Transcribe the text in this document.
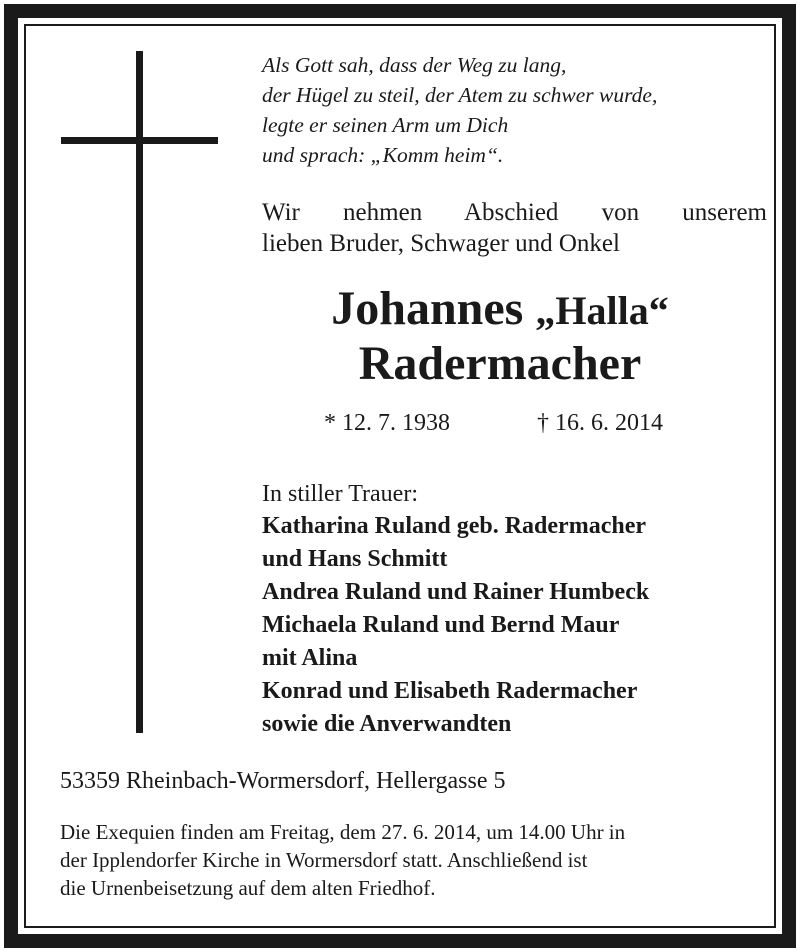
Als Gott sah, dass der Weg zu lang,
der Hügel zu steil, der Atem zu schwer wurde,
legte er seinen Arm um Dich
und sprach: „Komm heim“.
Wir nehmen Abschied von unserem
lieben Bruder, Schwager und Onkel
Johannes „Halla“
Radermacher
* 12. 7. 1938	† 16. 6. 2014
In stiller Trauer:
Katharina Ruland geb. Radermacher
und Hans Schmitt
Andrea Ruland und Rainer Humbeck
Michaela Ruland und Bernd Maur
mit Alina
Konrad und Elisabeth Radermacher
sowie die Anverwandten
53359 Rheinbach-Wormersdorf, Hellergasse 5
Die Exequien finden am Freitag, dem 27. 6. 2014, um 14.00 Uhr in
der Ipplendorfer Kirche in Wormersdorf statt. Anschließend ist
die Urnenbeisetzung auf dem alten Friedhof.
